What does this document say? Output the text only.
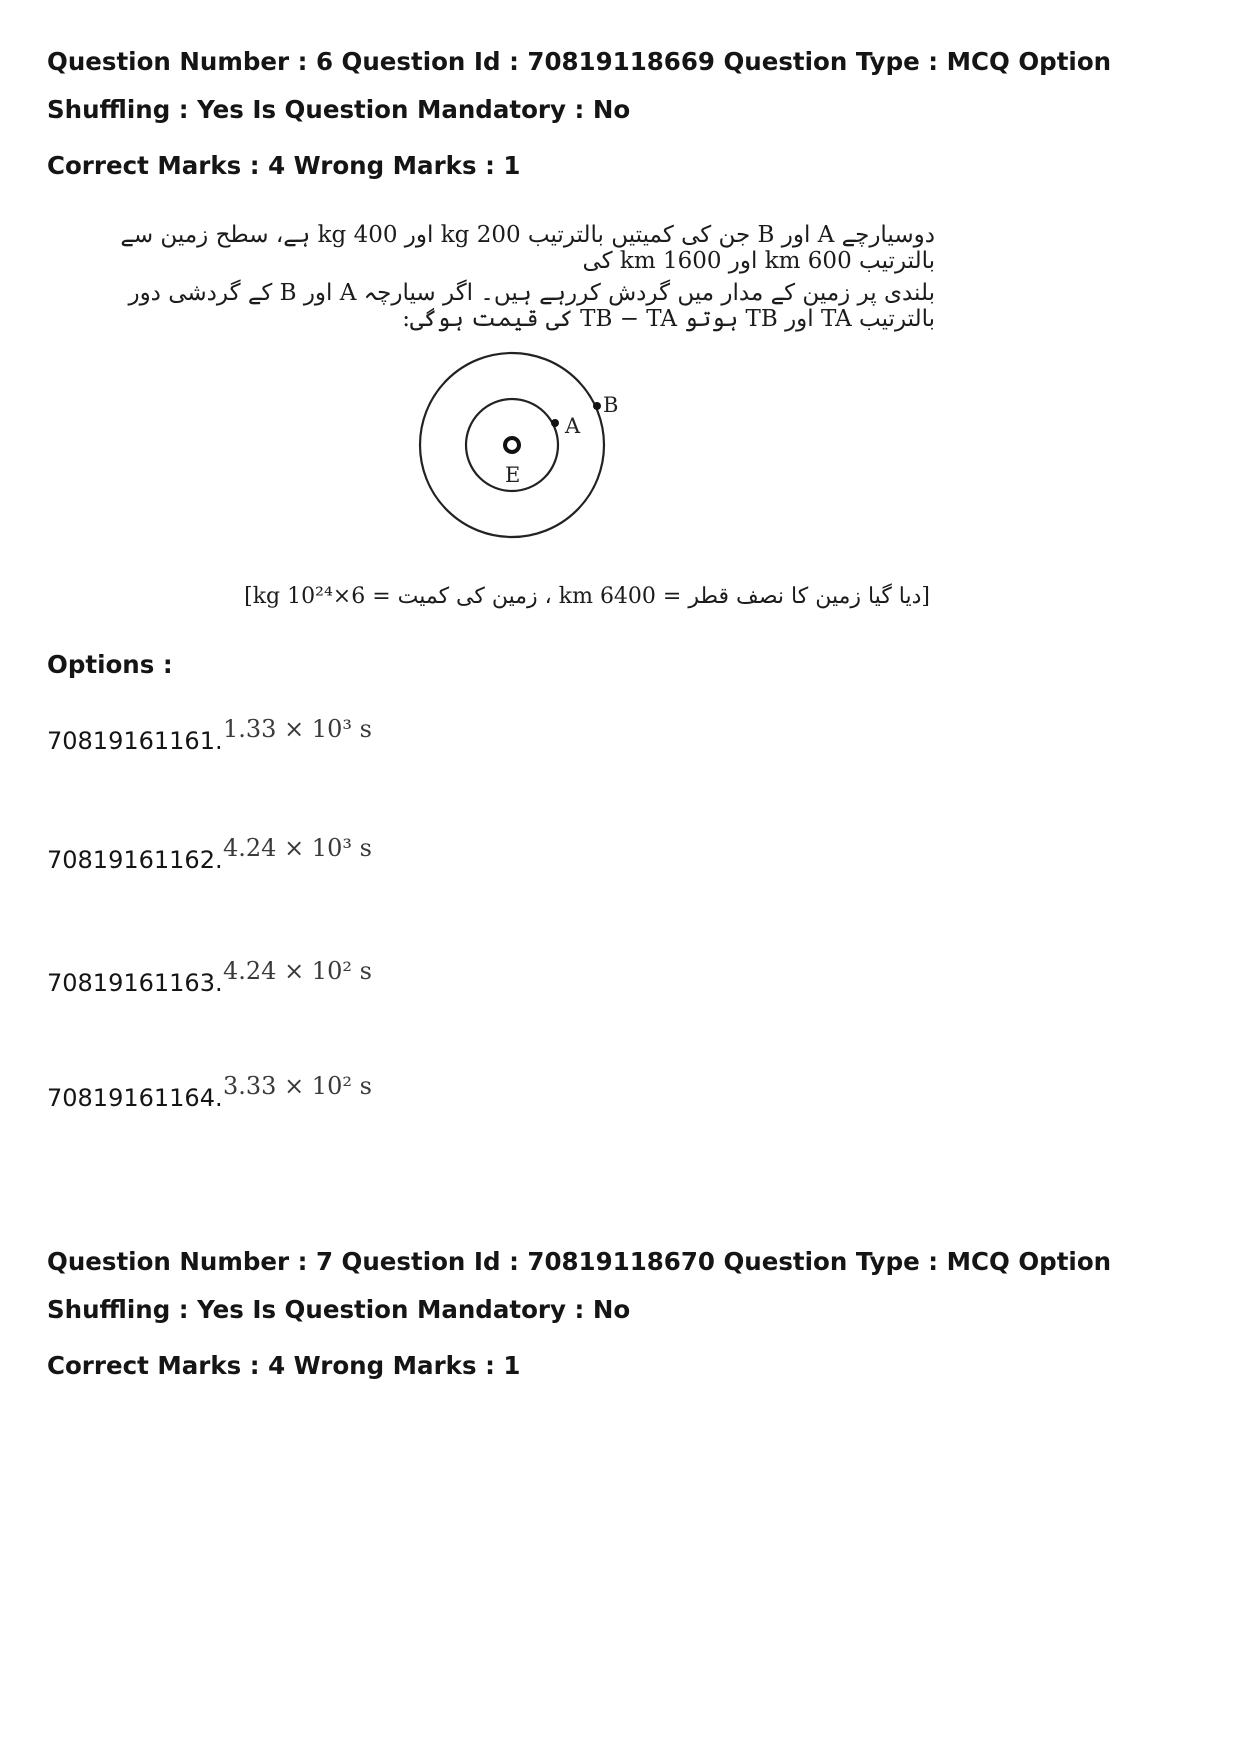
Question Number : 6 Question Id : 70819118669 Question Type : MCQ Option Shuffling : Yes Is Question Mandatory : No
Correct Marks : 4 Wrong Marks : 1
دوسیارچے A اور B جن کی کمیتیں بالترتیب 200 kg اور 400 kg ہے، سطح زمین سے بالترتیب 600 km اور 1600 km کی
بلندی پر زمین کے مدار میں گردش کررہے ہیں۔ اگر سیارچہ A اور B کے گردشی دور بالترتیب TA اور TB ہوتو TB − TA کی قیمت ہوگی:
A
B
E
[دیا گیا زمین کا نصف قطر = 6400 km ، زمین کی کمیت = 6×10²⁴ kg]
Options :
70819161161. 1.33 × 10³ s
70819161162. 4.24 × 10³ s
70819161163. 4.24 × 10² s
70819161164. 3.33 × 10² s
Question Number : 7 Question Id : 70819118670 Question Type : MCQ Option Shuffling : Yes Is Question Mandatory : No
Correct Marks : 4 Wrong Marks : 1
